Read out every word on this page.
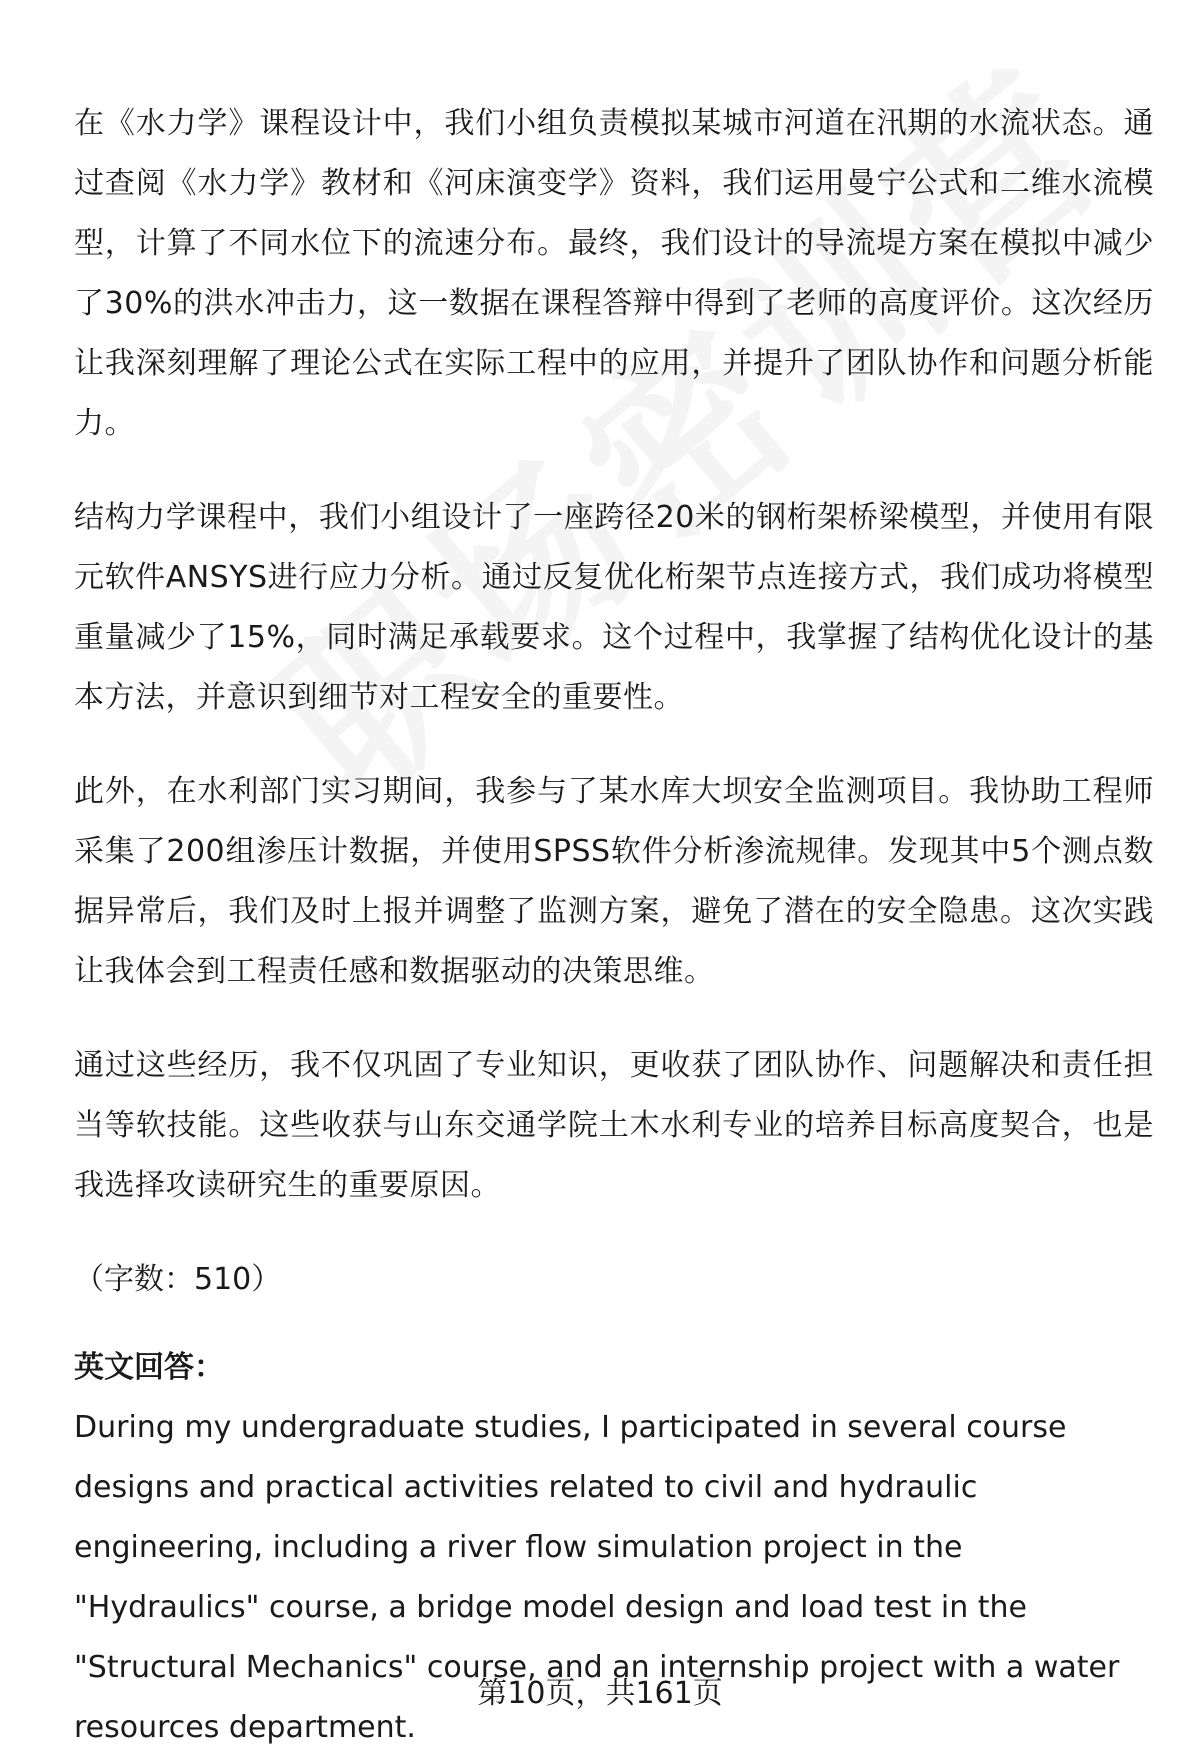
在《水力学》课程设计中，我们小组负责模拟某城市河道在汛期的水流状态。通过查阅《水力学》教材和《河床演变学》资料，我们运用曼宁公式和二维水流模型，计算了不同水位下的流速分布。最终，我们设计的导流堤方案在模拟中减少了30%的洪水冲击力，这一数据在课程答辩中得到了老师的高度评价。这次经历让我深刻理解了理论公式在实际工程中的应用，并提升了团队协作和问题分析能力。

结构力学课程中，我们小组设计了一座跨径20米的钢桁架桥梁模型，并使用有限元软件ANSYS进行应力分析。通过反复优化桁架节点连接方式，我们成功将模型重量减少了15%，同时满足承载要求。这个过程中，我掌握了结构优化设计的基本方法，并意识到细节对工程安全的重要性。

此外，在水利部门实习期间，我参与了某水库大坝安全监测项目。我协助工程师采集了200组渗压计数据，并使用SPSS软件分析渗流规律。发现其中5个测点数据异常后，我们及时上报并调整了监测方案，避免了潜在的安全隐患。这次实践让我体会到工程责任感和数据驱动的决策思维。

通过这些经历，我不仅巩固了专业知识，更收获了团队协作、问题解决和责任担当等软技能。这些收获与山东交通学院土木水利专业的培养目标高度契合，也是我选择攻读研究生的重要原因。

（字数：510）
英文回答：

During my undergraduate studies, I participated in several course designs and practical activities related to civil and hydraulic engineering, including a river flow simulation project in the "Hydraulics" course, a bridge model design and load test in the "Structural Mechanics" course, and an internship project with a water resources department.

第10页，共161页
